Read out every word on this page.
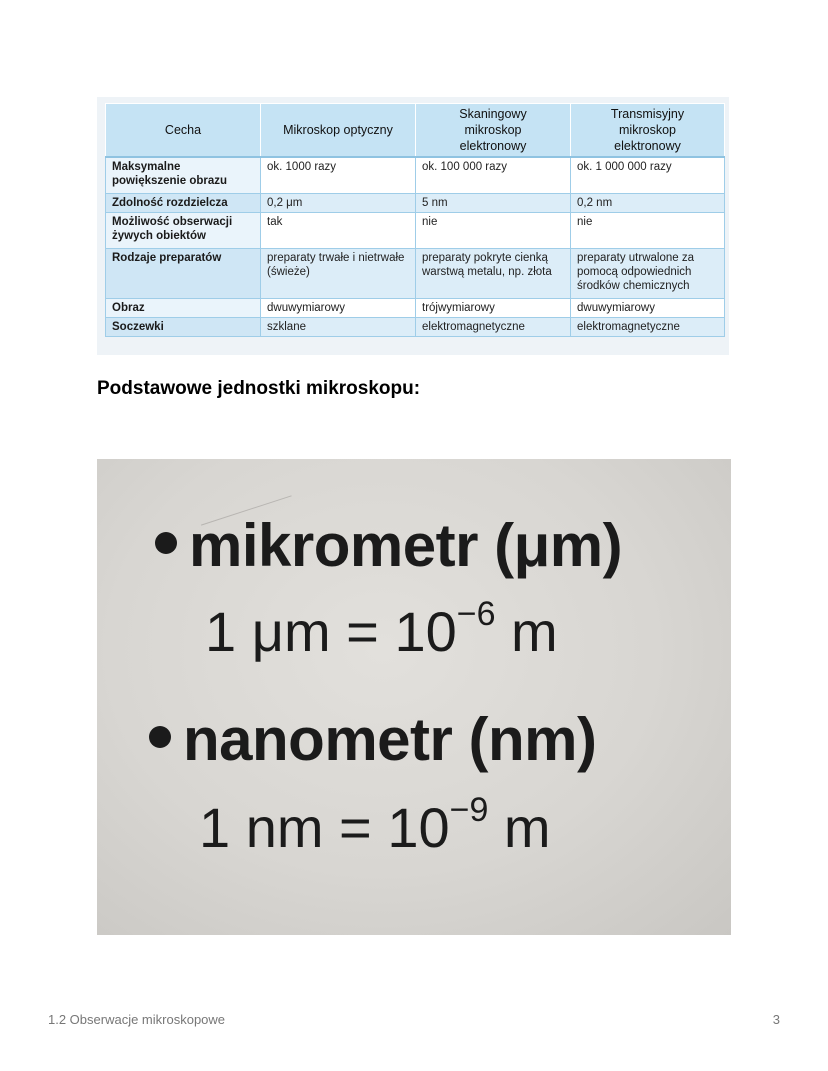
Cecha	Mikroskop optyczny	Skaningowy mikroskop elektronowy	Transmisyjny mikroskop elektronowy
Maksymalne powiększenie obrazu	ok. 1000 razy	ok. 100 000 razy	ok. 1 000 000 razy
Zdolność rozdzielcza	0,2 μm	5 nm	0,2 nm
Możliwość obserwacji żywych obiektów	tak	nie	nie
Rodzaje preparatów	preparaty trwałe i nietrwałe (świeże)	preparaty pokryte cienką warstwą metalu, np. złota	preparaty utrwalone za pomocą odpowiednich środków chemicznych
Obraz	dwuwymiarowy	trójwymiarowy	dwuwymiarowy
Soczewki	szklane	elektromagnetyczne	elektromagnetyczne
Podstawowe jednostki mikroskopu:
mikrometr (μm)
1 $\mu m = 10^{-6}$ m
nanometr (nm)
1 nm = $10^{-9}$ m
1.2 Obserwacje mikroskopowe	3
